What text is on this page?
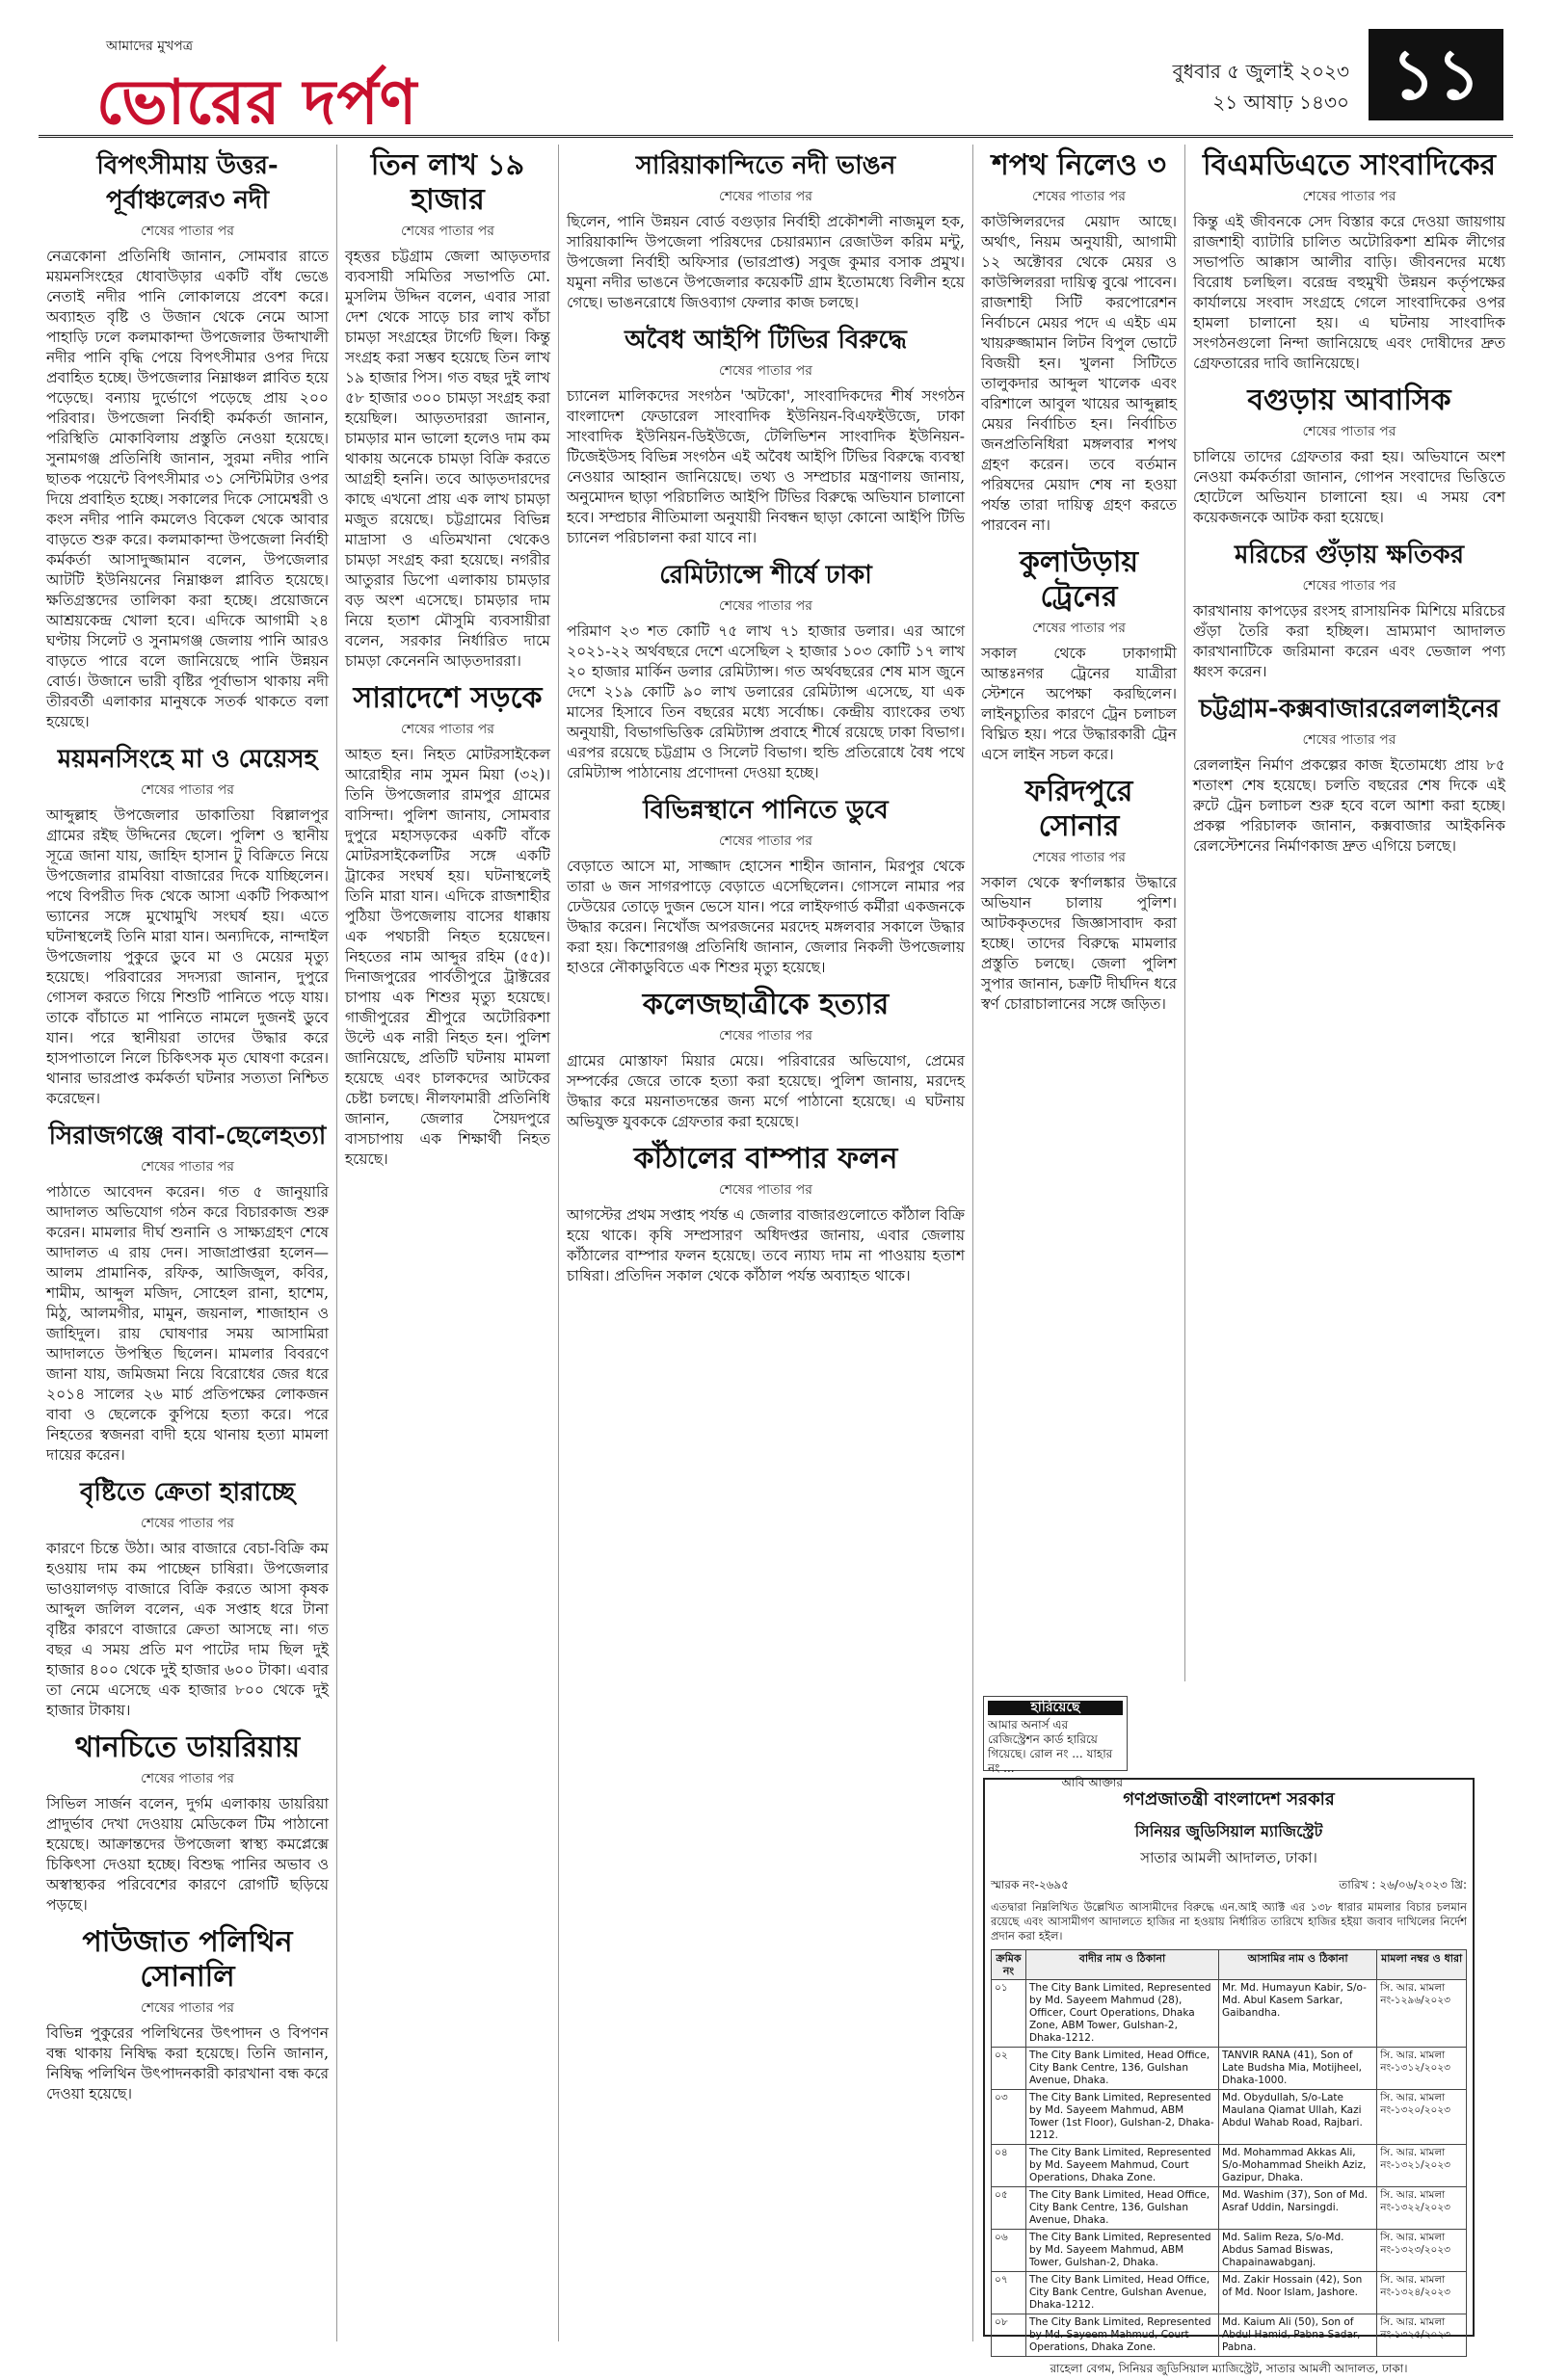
আমাদের মুখপত্র
ভোরের দর্পণ	বুধবার ৫ জুলাই ২০২৩
২১ আষাঢ় ১৪৩০ ১১
বিপৎসীমায় উত্তর-পূর্বাঞ্চলের৩ নদী
শেষের পাতার পর
নেত্রকোনা প্রতিনিধি জানান, সোমবার রাতে ময়মনসিংহের ধোবাউড়ার একটি বাঁধ ভেঙে নেতাই নদীর পানি লোকালয়ে প্রবেশ করে। অব্যাহত বৃষ্টি ও উজান থেকে নেমে আসা পাহাড়ি ঢলে কলমাকান্দা উপজেলার উব্দাখালী নদীর পানি বৃদ্ধি পেয়ে বিপৎসীমার ওপর দিয়ে প্রবাহিত হচ্ছে। উপজেলার নিম্নাঞ্চল প্লাবিত হয়ে পড়েছে। বন্যায় দুর্ভোগে পড়েছে প্রায় ২০০ পরিবার। উপজেলা নির্বাহী কর্মকর্তা জানান, পরিস্থিতি মোকাবিলায় প্রস্তুতি নেওয়া হয়েছে। সুনামগঞ্জ প্রতিনিধি জানান, সুরমা নদীর পানি ছাতক পয়েন্টে বিপৎসীমার ৩১ সেন্টিমিটার ওপর দিয়ে প্রবাহিত হচ্ছে। সকালের দিকে সোমেশ্বরী ও কংস নদীর পানি কমলেও বিকেল থেকে আবার বাড়তে শুরু করে। কলমাকান্দা উপজেলা নির্বাহী কর্মকর্তা আসাদুজ্জামান বলেন, উপজেলার আটটি ইউনিয়নের নিম্নাঞ্চল প্লাবিত হয়েছে। ক্ষতিগ্রস্তদের তালিকা করা হচ্ছে। প্রয়োজনে আশ্রয়কেন্দ্র খোলা হবে। এদিকে আগামী ২৪ ঘণ্টায় সিলেট ও সুনামগঞ্জ জেলায় পানি আরও বাড়তে পারে বলে জানিয়েছে পানি উন্নয়ন বোর্ড। উজানে ভারী বৃষ্টির পূর্বাভাস থাকায় নদী তীরবর্তী এলাকার মানুষকে সতর্ক থাকতে বলা হয়েছে।
ময়মনসিংহে মা ও মেয়েসহ
শেষের পাতার পর
আব্দুল্লাহ উপজেলার ডাকাতিয়া বিল্লালপুর গ্রামের রইছ উদ্দিনের ছেলে। পুলিশ ও স্থানীয় সূত্রে জানা যায়, জাহিদ হাসান টু বিক্রিতে নিয়ে উপজেলার রামবিয়া বাজারের দিকে যাচ্ছিলেন। পথে বিপরীত দিক থেকে আসা একটি পিকআপ ভ্যানের সঙ্গে মুখোমুখি সংঘর্ষ হয়। এতে ঘটনাস্থলেই তিনি মারা যান। অন্যদিকে, নান্দাইল উপজেলায় পুকুরে ডুবে মা ও মেয়ের মৃত্যু হয়েছে। পরিবারের সদস্যরা জানান, দুপুরে গোসল করতে গিয়ে শিশুটি পানিতে পড়ে যায়। তাকে বাঁচাতে মা পানিতে নামলে দুজনই ডুবে যান। পরে স্থানীয়রা তাদের উদ্ধার করে হাসপাতালে নিলে চিকিৎসক মৃত ঘোষণা করেন। থানার ভারপ্রাপ্ত কর্মকর্তা ঘটনার সত্যতা নিশ্চিত করেছেন।
সিরাজগঞ্জে বাবা-ছেলেহত্যা
শেষের পাতার পর
পাঠাতে আবেদন করেন। গত ৫ জানুয়ারি আদালত অভিযোগ গঠন করে বিচারকাজ শুরু করেন। মামলার দীর্ঘ শুনানি ও সাক্ষ্যগ্রহণ শেষে আদালত এ রায় দেন। সাজাপ্রাপ্তরা হলেন— আলম প্রামানিক, রফিক, আজিজুল, কবির, শামীম, আব্দুল মজিদ, সোহেল রানা, হাশেম, মিঠু, আলমগীর, মামুন, জয়নাল, শাজাহান ও জাহিদুল। রায় ঘোষণার সময় আসামিরা আদালতে উপস্থিত ছিলেন। মামলার বিবরণে জানা যায়, জমিজমা নিয়ে বিরোধের জের ধরে ২০১৪ সালের ২৬ মার্চ প্রতিপক্ষের লোকজন বাবা ও ছেলেকে কুপিয়ে হত্যা করে। পরে নিহতের স্বজনরা বাদী হয়ে থানায় হত্যা মামলা দায়ের করেন।
বৃষ্টিতে ক্রেতা হারাচ্ছে
শেষের পাতার পর
কারণে চিন্তে উঠা। আর বাজারে বেচা-বিক্রি কম হওয়ায় দাম কম পাচ্ছেন চাষিরা। উপজেলার ভাওয়ালগড় বাজারে বিক্রি করতে আসা কৃষক আব্দুল জলিল বলেন, এক সপ্তাহ ধরে টানা বৃষ্টির কারণে বাজারে ক্রেতা আসছে না। গত বছর এ সময় প্রতি মণ পাটের দাম ছিল দুই হাজার ৪০০ থেকে দুই হাজার ৬০০ টাকা। এবার তা নেমে এসেছে এক হাজার ৮০০ থেকে দুই হাজার টাকায়।
থানচিতে ডায়রিয়ায়
শেষের পাতার পর
সিভিল সার্জন বলেন, দুর্গম এলাকায় ডায়রিয়া প্রাদুর্ভাব দেখা দেওয়ায় মেডিকেল টিম পাঠানো হয়েছে। আক্রান্তদের উপজেলা স্বাস্থ্য কমপ্লেক্সে চিকিৎসা দেওয়া হচ্ছে। বিশুদ্ধ পানির অভাব ও অস্বাস্থ্যকর পরিবেশের কারণে রোগটি ছড়িয়ে পড়ছে।
পাউজাত পলিথিন সোনালি
শেষের পাতার পর
বিভিন্ন পুকুরের পলিথিনের উৎপাদন ও বিপণন বন্ধ থাকায় নিষিদ্ধ করা হয়েছে। তিনি জানান, নিষিদ্ধ পলিথিন উৎপাদনকারী কারখানা বন্ধ করে দেওয়া হয়েছে।
তিন লাখ ১৯ হাজার
শেষের পাতার পর
বৃহত্তর চট্টগ্রাম জেলা আড়তদার ব্যবসায়ী সমিতির সভাপতি মো. মুসলিম উদ্দিন বলেন, এবার সারা দেশ থেকে সাড়ে চার লাখ কাঁচা চামড়া সংগ্রহের টার্গেট ছিল। কিন্তু সংগ্রহ করা সম্ভব হয়েছে তিন লাখ ১৯ হাজার পিস। গত বছর দুই লাখ ৫৮ হাজার ৩০০ চামড়া সংগ্রহ করা হয়েছিল। আড়তদাররা জানান, চামড়ার মান ভালো হলেও দাম কম থাকায় অনেকে চামড়া বিক্রি করতে আগ্রহী হননি। তবে আড়তদারদের কাছে এখনো প্রায় এক লাখ চামড়া মজুত রয়েছে। চট্টগ্রামের বিভিন্ন মাদ্রাসা ও এতিমখানা থেকেও চামড়া সংগ্রহ করা হয়েছে। নগরীর আতুরার ডিপো এলাকায় চামড়ার বড় অংশ এসেছে। চামড়ার দাম নিয়ে হতাশ মৌসুমি ব্যবসায়ীরা বলেন, সরকার নির্ধারিত দামে চামড়া কেনেননি আড়তদাররা।
সারাদেশে সড়কে
শেষের পাতার পর
আহত হন। নিহত মোটরসাইকেল আরোহীর নাম সুমন মিয়া (৩২)। তিনি উপজেলার রামপুর গ্রামের বাসিন্দা। পুলিশ জানায়, সোমবার দুপুরে মহাসড়কের একটি বাঁকে মোটরসাইকেলটির সঙ্গে একটি ট্রাকের সংঘর্ষ হয়। ঘটনাস্থলেই তিনি মারা যান। এদিকে রাজশাহীর পুঠিয়া উপজেলায় বাসের ধাক্কায় এক পথচারী নিহত হয়েছেন। নিহতের নাম আব্দুর রহিম (৫৫)। দিনাজপুরের পার্বতীপুরে ট্রাক্টরের চাপায় এক শিশুর মৃত্যু হয়েছে। গাজীপুরের শ্রীপুরে অটোরিকশা উল্টে এক নারী নিহত হন। পুলিশ জানিয়েছে, প্রতিটি ঘটনায় মামলা হয়েছে এবং চালকদের আটকের চেষ্টা চলছে। নীলফামারী প্রতিনিধি জানান, জেলার সৈয়দপুরে বাসচাপায় এক শিক্ষার্থী নিহত হয়েছে।
সারিয়াকান্দিতে নদী ভাঙন
শেষের পাতার পর
ছিলেন, পানি উন্নয়ন বোর্ড বগুড়ার নির্বাহী প্রকৌশলী নাজমুল হক, সারিয়াকান্দি উপজেলা পরিষদের চেয়ারম্যান রেজাউল করিম মন্টু, উপজেলা নির্বাহী অফিসার (ভারপ্রাপ্ত) সবুজ কুমার বসাক প্রমুখ। যমুনা নদীর ভাঙনে উপজেলার কয়েকটি গ্রাম ইতোমধ্যে বিলীন হয়ে গেছে। ভাঙনরোধে জিওব্যাগ ফেলার কাজ চলছে।
অবৈধ আইপি টিভির বিরুদ্ধে
শেষের পাতার পর
চ্যানেল মালিকদের সংগঠন 'অটকো', সাংবাদিকদের শীর্ষ সংগঠন বাংলাদেশ ফেডারেল সাংবাদিক ইউনিয়ন-বিএফইউজে, ঢাকা সাংবাদিক ইউনিয়ন-ডিইউজে, টেলিভিশন সাংবাদিক ইউনিয়ন-টিজেইউসহ বিভিন্ন সংগঠন এই অবৈধ আইপি টিভির বিরুদ্ধে ব্যবস্থা নেওয়ার আহ্বান জানিয়েছে। তথ্য ও সম্প্রচার মন্ত্রণালয় জানায়, অনুমোদন ছাড়া পরিচালিত আইপি টিভির বিরুদ্ধে অভিযান চালানো হবে। সম্প্রচার নীতিমালা অনুযায়ী নিবন্ধন ছাড়া কোনো আইপি টিভি চ্যানেল পরিচালনা করা যাবে না।
রেমিট্যান্সে শীর্ষে ঢাকা
শেষের পাতার পর
পরিমাণ ২৩ শত কোটি ৭৫ লাখ ৭১ হাজার ডলার। এর আগে ২০২১-২২ অর্থবছরে দেশে এসেছিল ২ হাজার ১০৩ কোটি ১৭ লাখ ২০ হাজার মার্কিন ডলার রেমিট্যান্স। গত অর্থবছরের শেষ মাস জুনে দেশে ২১৯ কোটি ৯০ লাখ ডলারের রেমিট্যান্স এসেছে, যা এক মাসের হিসাবে তিন বছরের মধ্যে সর্বোচ্চ। কেন্দ্রীয় ব্যাংকের তথ্য অনুযায়ী, বিভাগভিত্তিক রেমিট্যান্স প্রবাহে শীর্ষে রয়েছে ঢাকা বিভাগ। এরপর রয়েছে চট্টগ্রাম ও সিলেট বিভাগ। হুন্ডি প্রতিরোধে বৈধ পথে রেমিট্যান্স পাঠানোয় প্রণোদনা দেওয়া হচ্ছে।
বিভিন্নস্থানে পানিতে ডুবে
শেষের পাতার পর
বেড়াতে আসে মা, সাজ্জাদ হোসেন শাহীন জানান, মিরপুর থেকে তারা ৬ জন সাগরপাড়ে বেড়াতে এসেছিলেন। গোসলে নামার পর ঢেউয়ের তোড়ে দুজন ভেসে যান। পরে লাইফগার্ড কর্মীরা একজনকে উদ্ধার করেন। নিখোঁজ অপরজনের মরদেহ মঙ্গলবার সকালে উদ্ধার করা হয়। কিশোরগঞ্জ প্রতিনিধি জানান, জেলার নিকলী উপজেলায় হাওরে নৌকাডুবিতে এক শিশুর মৃত্যু হয়েছে।
কলেজছাত্রীকে হত্যার
শেষের পাতার পর
গ্রামের মোস্তাফা মিয়ার মেয়ে। পরিবারের অভিযোগ, প্রেমের সম্পর্কের জেরে তাকে হত্যা করা হয়েছে। পুলিশ জানায়, মরদেহ উদ্ধার করে ময়নাতদন্তের জন্য মর্গে পাঠানো হয়েছে। এ ঘটনায় অভিযুক্ত যুবককে গ্রেফতার করা হয়েছে।
কাঁঠালের বাম্পার ফলন
শেষের পাতার পর
আগস্টের প্রথম সপ্তাহ পর্যন্ত এ জেলার বাজারগুলোতে কাঁঠাল বিক্রি হয়ে থাকে। কৃষি সম্প্রসারণ অধিদপ্তর জানায়, এবার জেলায় কাঁঠালের বাম্পার ফলন হয়েছে। তবে ন্যায্য দাম না পাওয়ায় হতাশ চাষিরা। প্রতিদিন সকাল থেকে কাঁঠাল পর্যন্ত অব্যাহত থাকে।
শপথ নিলেও ৩
শেষের পাতার পর
কাউন্সিলরদের মেয়াদ আছে। অর্থাৎ, নিয়ম অনুযায়ী, আগামী ১২ অক্টোবর থেকে মেয়র ও কাউন্সিলররা দায়িত্ব বুঝে পাবেন। রাজশাহী সিটি করপোরেশন নির্বাচনে মেয়র পদে এ এইচ এম খায়রুজ্জামান লিটন বিপুল ভোটে বিজয়ী হন। খুলনা সিটিতে তালুকদার আব্দুল খালেক এবং বরিশালে আবুল খায়ের আব্দুল্লাহ মেয়র নির্বাচিত হন। নির্বাচিত জনপ্রতিনিধিরা মঙ্গলবার শপথ গ্রহণ করেন। তবে বর্তমান পরিষদের মেয়াদ শেষ না হওয়া পর্যন্ত তারা দায়িত্ব গ্রহণ করতে পারবেন না।
কুলাউড়ায় ট্রেনের
শেষের পাতার পর
সকাল থেকে ঢাকাগামী আন্তঃনগর ট্রেনের যাত্রীরা স্টেশনে অপেক্ষা করছিলেন। লাইনচ্যুতির কারণে ট্রেন চলাচল বিঘ্নিত হয়। পরে উদ্ধারকারী ট্রেন এসে লাইন সচল করে।
ফরিদপুরে সোনার
শেষের পাতার পর
সকাল থেকে স্বর্ণালঙ্কার উদ্ধারে অভিযান চালায় পুলিশ। আটককৃতদের জিজ্ঞাসাবাদ করা হচ্ছে। তাদের বিরুদ্ধে মামলার প্রস্তুতি চলছে। জেলা পুলিশ সুপার জানান, চক্রটি দীর্ঘদিন ধরে স্বর্ণ চোরাচালানের সঙ্গে জড়িত।
বিএমডিএতে সাংবাদিকের
শেষের পাতার পর
কিন্তু এই জীবনকে সেদ বিস্তার করে দেওয়া জায়গায় রাজশাহী ব্যাটারি চালিত অটোরিকশা শ্রমিক লীগের সভাপতি আক্কাস আলীর বাড়ি। জীবনদের মধ্যে বিরোধ চলছিল। বরেন্দ্র বহুমুখী উন্নয়ন কর্তৃপক্ষের কার্যালয়ে সংবাদ সংগ্রহে গেলে সাংবাদিকের ওপর হামলা চালানো হয়। এ ঘটনায় সাংবাদিক সংগঠনগুলো নিন্দা জানিয়েছে এবং দোষীদের দ্রুত গ্রেফতারের দাবি জানিয়েছে।
বগুড়ায় আবাসিক
শেষের পাতার পর
চালিয়ে তাদের গ্রেফতার করা হয়। অভিযানে অংশ নেওয়া কর্মকর্তারা জানান, গোপন সংবাদের ভিত্তিতে হোটেলে অভিযান চালানো হয়। এ সময় বেশ কয়েকজনকে আটক করা হয়েছে।
মরিচের গুঁড়ায় ক্ষতিকর
শেষের পাতার পর
কারখানায় কাপড়ের রংসহ রাসায়নিক মিশিয়ে মরিচের গুঁড়া তৈরি করা হচ্ছিল। ভ্রাম্যমাণ আদালত কারখানাটিকে জরিমানা করেন এবং ভেজাল পণ্য ধ্বংস করেন।
চট্টগ্রাম-কক্সবাজাররেললাইনের
শেষের পাতার পর
রেললাইন নির্মাণ প্রকল্পের কাজ ইতোমধ্যে প্রায় ৮৫ শতাংশ শেষ হয়েছে। চলতি বছরের শেষ দিকে এই রুটে ট্রেন চলাচল শুরু হবে বলে আশা করা হচ্ছে। প্রকল্প পরিচালক জানান, কক্সবাজার আইকনিক রেলস্টেশনের নির্মাণকাজ দ্রুত এগিয়ে চলছে।
হারিয়েছে
আমার অনার্স এর রেজিস্ট্রেশন কার্ড হারিয়ে গিয়েছে। রোল নং ... যাহার নং ...
আবি আক্তার
গণপ্রজাতন্ত্রী বাংলাদেশ সরকার
সিনিয়র জুডিসিয়াল ম্যাজিস্ট্রেট
সাতার আমলী আদালত, ঢাকা।
স্মারক নং-২৬৯৫	তারিখ : ২৬/০৬/২০২৩ খ্রি:
এতদ্বারা নিম্নলিখিত উল্লেখিত আসামীদের বিরুদ্ধে এন.আই অ্যাক্ট এর ১৩৮ ধারার মামলার বিচার চলমান রয়েছে এবং আসামীগণ আদালতে হাজির না হওয়ায় নির্ধারিত তারিখে হাজির হইয়া জবাব দাখিলের নির্দেশ প্রদান করা হইল।
ক্রমিক নং	বাদীর নাম ও ঠিকানা	আসামির নাম ও ঠিকানা	মামলা নম্বর ও ধারা
০১	The City Bank Limited, Represented by Md. Sayeem Mahmud (28), Officer, Court Operations, Dhaka Zone, ABM Tower, Gulshan-2, Dhaka-1212.	Mr. Md. Humayun Kabir, S/o-Md. Abul Kasem Sarkar, Gaibandha.	সি. আর. মামলা নং-১২৯৬/২০২৩
০২	The City Bank Limited, Head Office, City Bank Centre, 136, Gulshan Avenue, Dhaka.	TANVIR RANA (41), Son of Late Budsha Mia, Motijheel, Dhaka-1000.	সি. আর. মামলা নং-১৩১২/২০২৩
০৩	The City Bank Limited, Represented by Md. Sayeem Mahmud, ABM Tower (1st Floor), Gulshan-2, Dhaka-1212.	Md. Obydullah, S/o-Late Maulana Qiamat Ullah, Kazi Abdul Wahab Road, Rajbari.	সি. আর. মামলা নং-১৩২০/২০২৩
০৪	The City Bank Limited, Represented by Md. Sayeem Mahmud, Court Operations, Dhaka Zone.	Md. Mohammad Akkas Ali, S/o-Mohammad Sheikh Aziz, Gazipur, Dhaka.	সি. আর. মামলা নং-১৩২১/২০২৩
০৫	The City Bank Limited, Head Office, City Bank Centre, 136, Gulshan Avenue, Dhaka.	Md. Washim (37), Son of Md. Asraf Uddin, Narsingdi.	সি. আর. মামলা নং-১৩২২/২০২৩
০৬	The City Bank Limited, Represented by Md. Sayeem Mahmud, ABM Tower, Gulshan-2, Dhaka.	Md. Salim Reza, S/o-Md. Abdus Samad Biswas, Chapainawabganj.	সি. আর. মামলা নং-১৩২৩/২০২৩
০৭	The City Bank Limited, Head Office, City Bank Centre, Gulshan Avenue, Dhaka-1212.	Md. Zakir Hossain (42), Son of Md. Noor Islam, Jashore.	সি. আর. মামলা নং-১৩২৪/২০২৩
০৮	The City Bank Limited, Represented by Md. Sayeem Mahmud, Court Operations, Dhaka Zone.	Md. Kaium Ali (50), Son of Abdul Hamid, Pabna Sadar, Pabna.	সি. আর. মামলা নং-১৩২৫/২০২৩
রাহেলা বেগম, সিনিয়র জুডিসিয়াল ম্যাজিস্ট্রেট, সাতার আমলী আদালত, ঢাকা।
